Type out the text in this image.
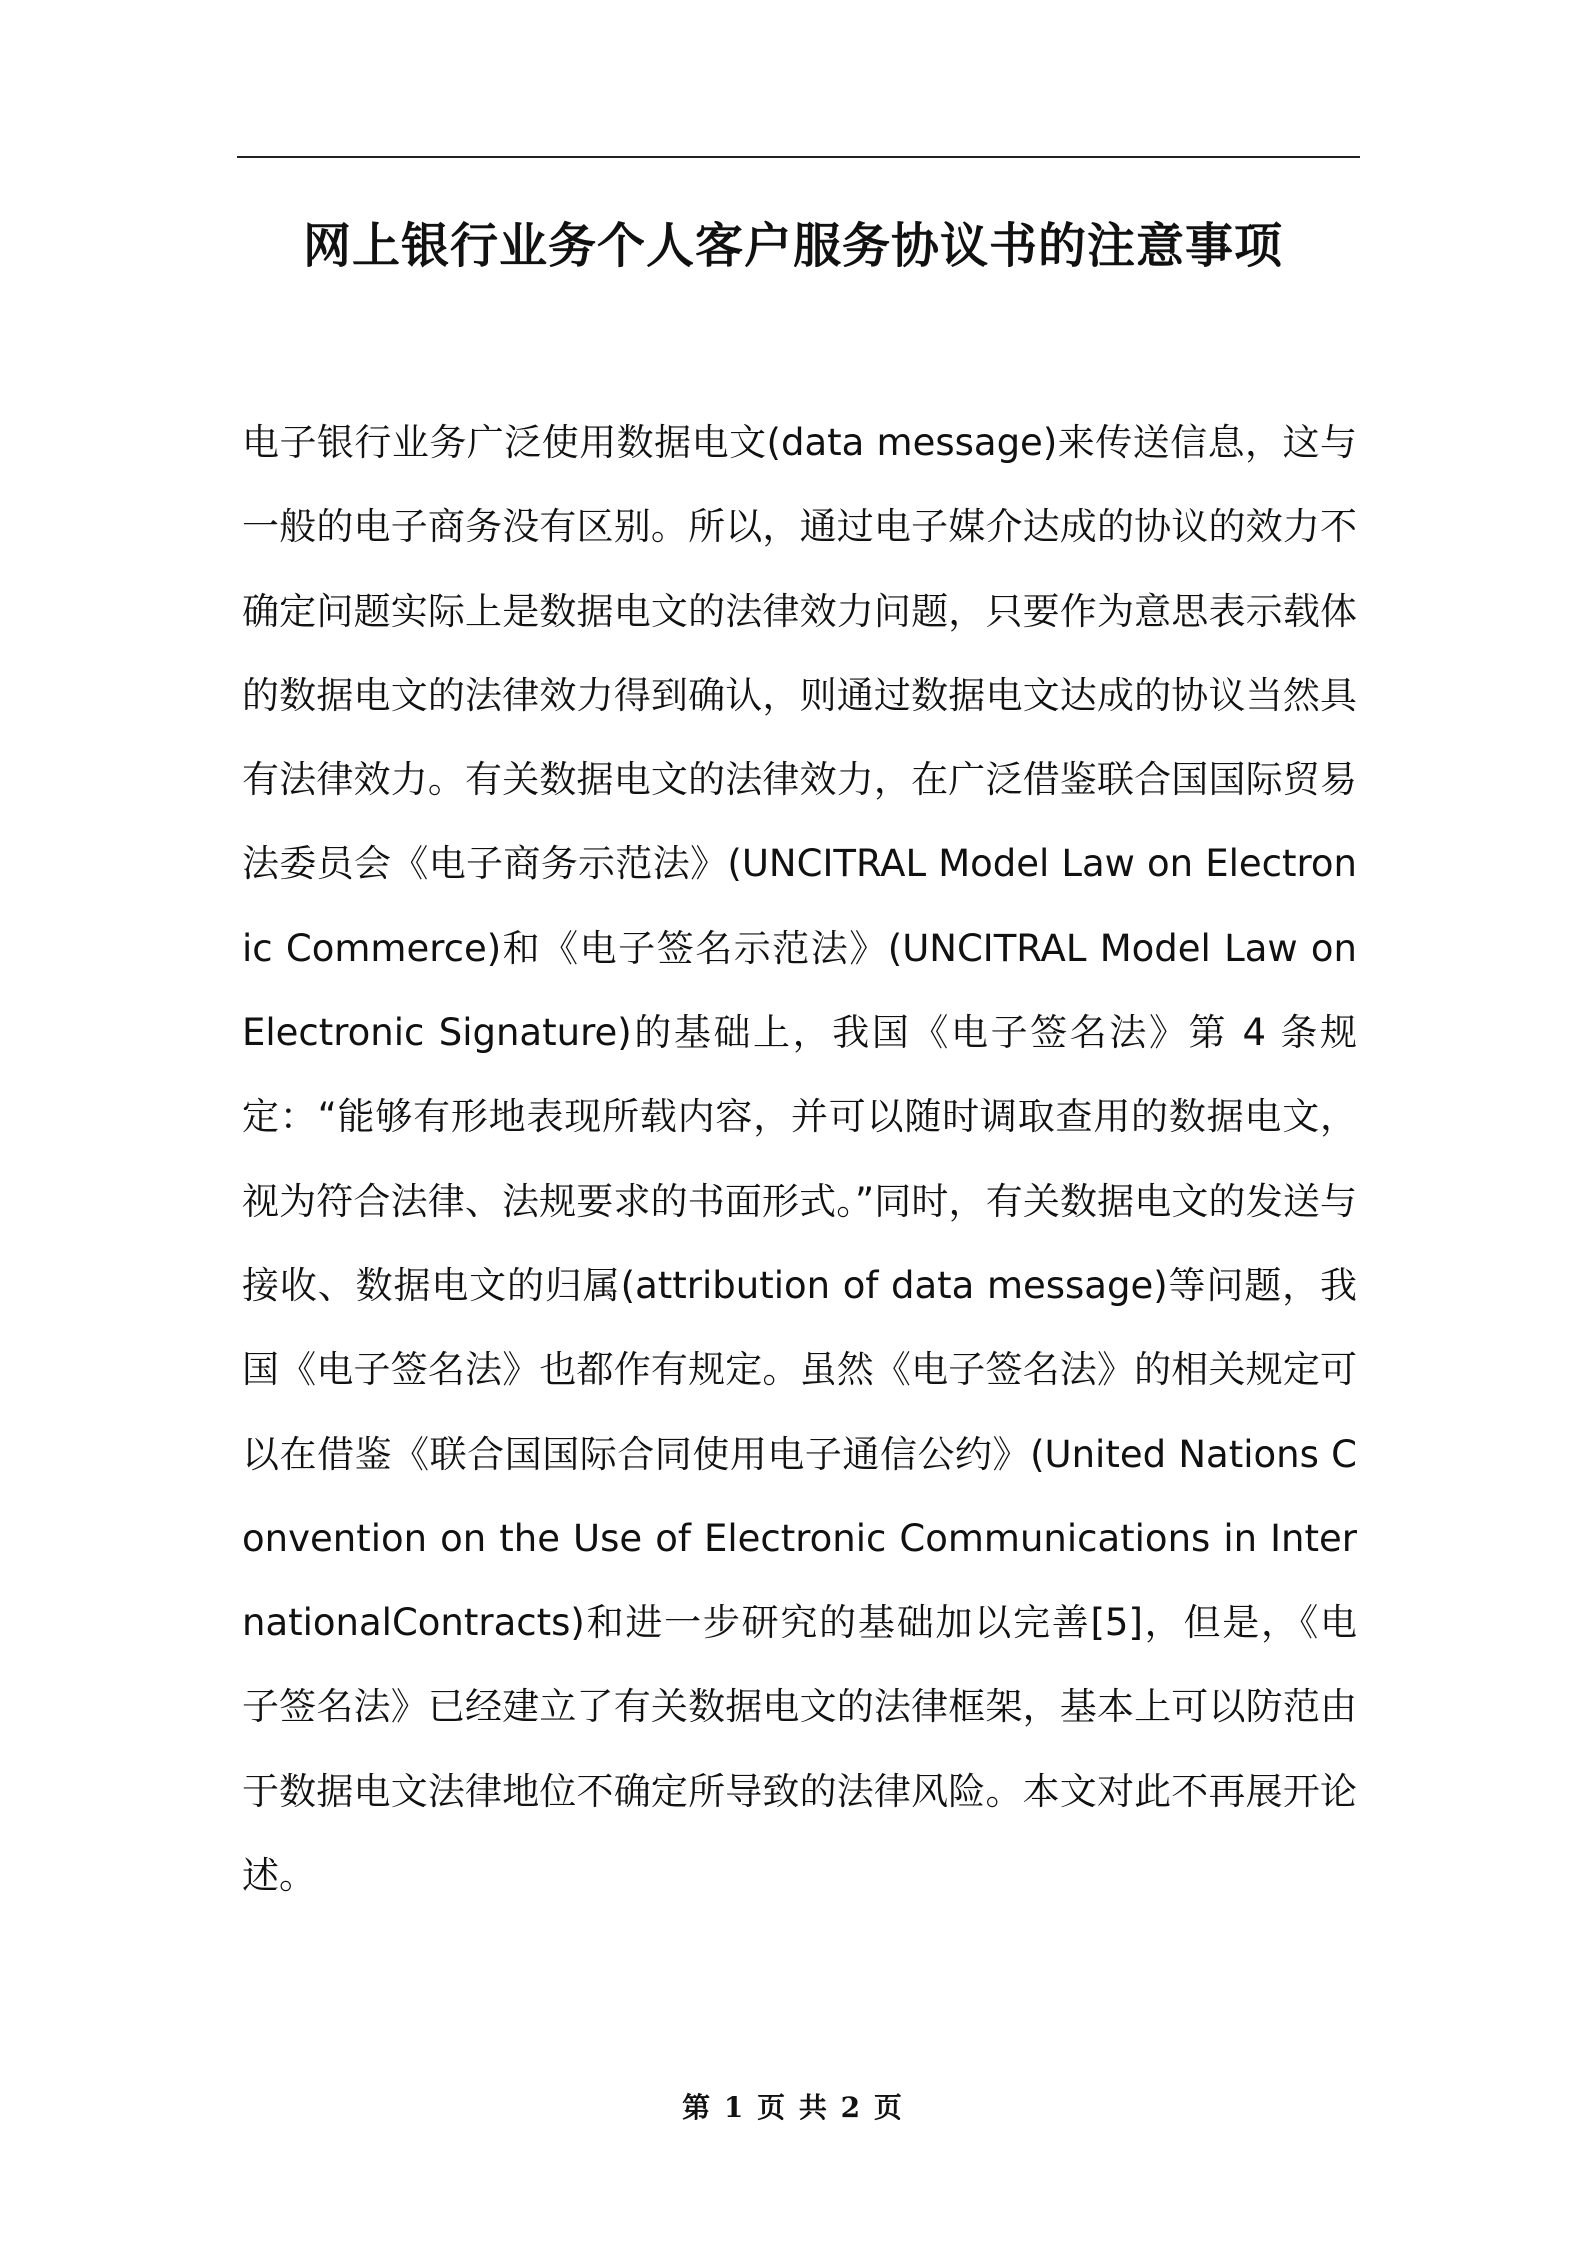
网上银行业务个人客户服务协议书的注意事项

电子银行业务广泛使用数据电文(data message)来传送信息，这与一般的电子商务没有区别。所以，通过电子媒介达成的协议的效力不确定问题实际上是数据电文的法律效力问题，只要作为意思表示载体的数据电文的法律效力得到确认，则通过数据电文达成的协议当然具有法律效力。有关数据电文的法律效力，在广泛借鉴联合国国际贸易法委员会《电子商务示范法》(UNCITRAL Model Law on Electronic Commerce)和《电子签名示范法》(UNCITRAL Model Law on Electronic Signature)的基础上，我国《电子签名法》第 4 条规定：“能够有形地表现所载内容，并可以随时调取查用的数据电文，视为符合法律、法规要求的书面形式。”同时，有关数据电文的发送与接收、数据电文的归属(attribution of data message)等问题，我国《电子签名法》也都作有规定。虽然《电子签名法》的相关规定可以在借鉴《联合国国际合同使用电子通信公约》(United Nations Convention on the Use of Electronic Communications in InternationalContracts)和进一步研究的基础加以完善[5]，但是，《电子签名法》已经建立了有关数据电文的法律框架，基本上可以防范由于数据电文法律地位不确定所导致的法律风险。本文对此不再展开论述。

第 1 页 共 2 页
